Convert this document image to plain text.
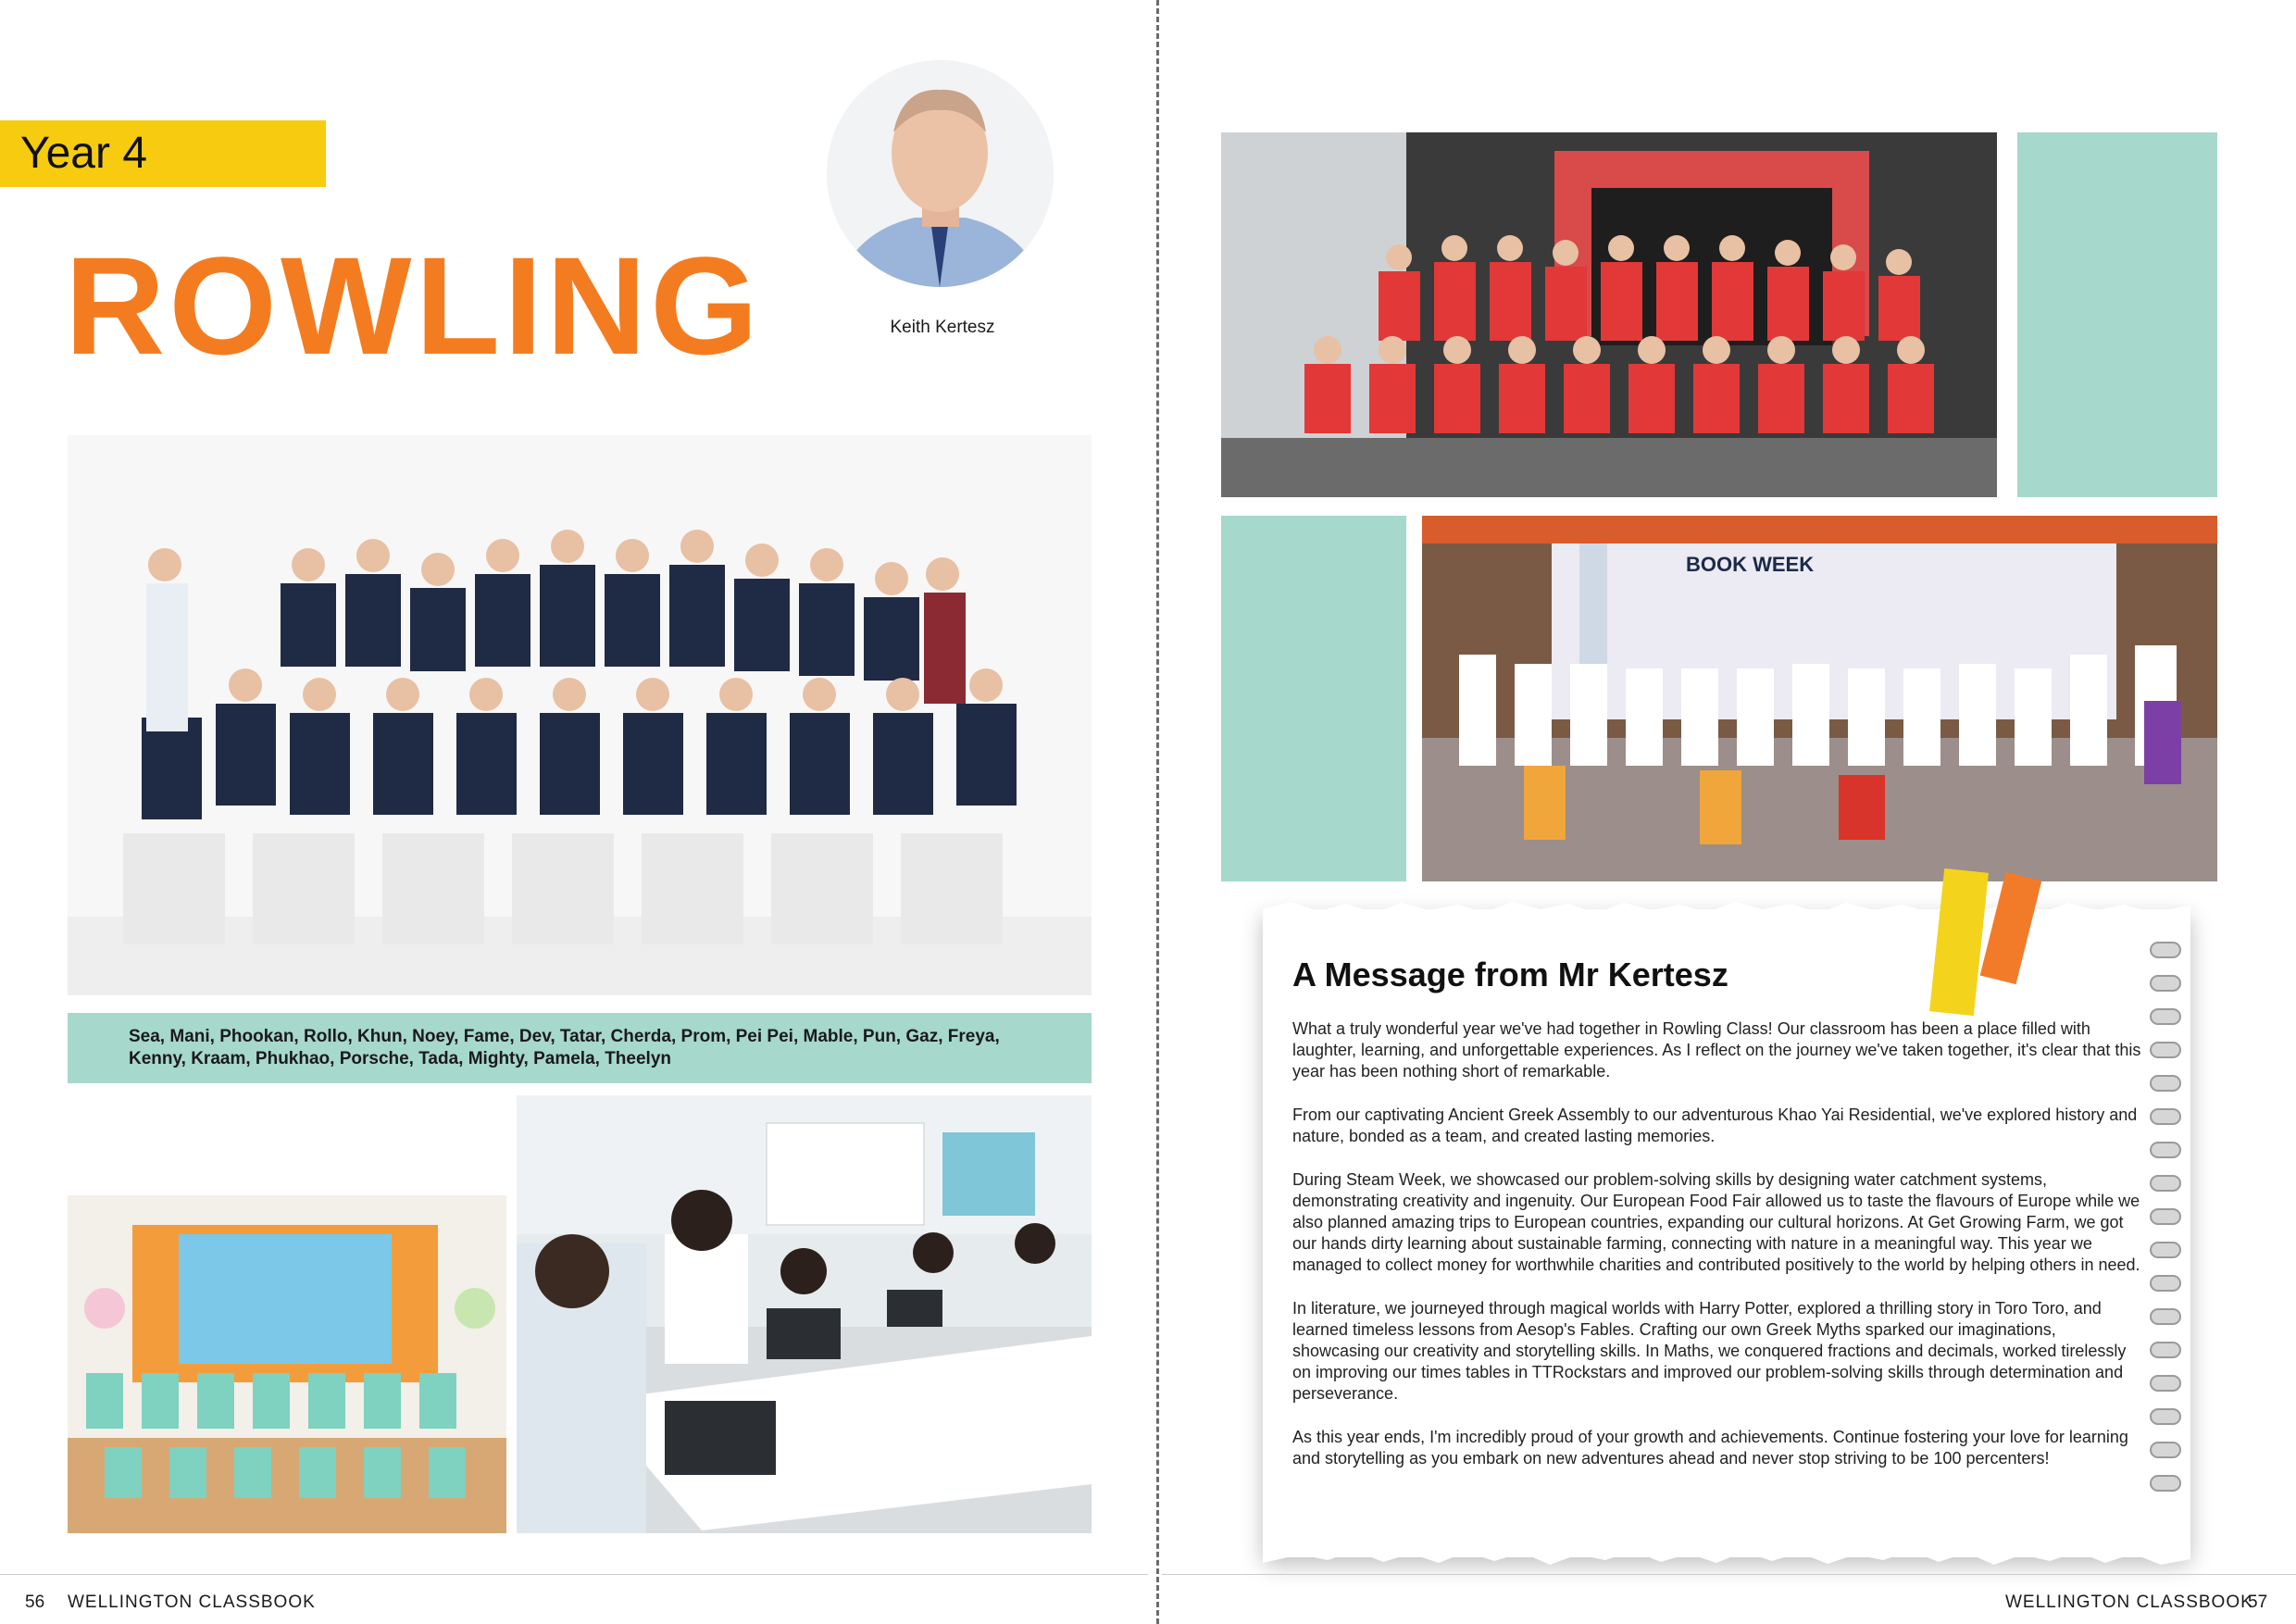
Year 4
ROWLING	Keith Kertesz

Sea, Mani, Phookan, Rollo, Khun, Noey, Fame, Dev, Tatar, Cherda, Prom, Pei Pei, Mable, Pun, Gaz, Freya, Kenny, Kraam, Phukhao, Porsche, Tada, Mighty, Pamela, Theelyn

56 WELLINGTON CLASSBOOK
BOOK WEEK
A Message from Mr Kertesz

What a truly wonderful year we've had together in Rowling Class! Our classroom has been a place filled with laughter, learning, and unforgettable experiences. As I reflect on the journey we've taken together, it's clear that this year has been nothing short of remarkable.

From our captivating Ancient Greek Assembly to our adventurous Khao Yai Residential, we've explored history and nature, bonded as a team, and created lasting memories.

During Steam Week, we showcased our problem-solving skills by designing water catchment systems, demonstrating creativity and ingenuity. Our European Food Fair allowed us to taste the flavours of Europe while we also planned amazing trips to European countries, expanding our cultural horizons. At Get Growing Farm, we got our hands dirty learning about sustainable farming, connecting with nature in a meaningful way. This year we managed to collect money for worthwhile charities and contributed positively to the world by helping others in need.

In literature, we journeyed through magical worlds with Harry Potter, explored a thrilling story in Toro Toro, and learned timeless lessons from Aesop's Fables. Crafting our own Greek Myths sparked our imaginations, showcasing our creativity and storytelling skills. In Maths, we conquered fractions and decimals, worked tirelessly on improving our times tables in TTRockstars and improved our problem-solving skills through determination and perseverance.

As this year ends, I'm incredibly proud of your growth and achievements. Continue fostering your love for learning and storytelling as you embark on new adventures ahead and never stop striving to be 100 percenters!

WELLINGTON CLASSBOOK
57
